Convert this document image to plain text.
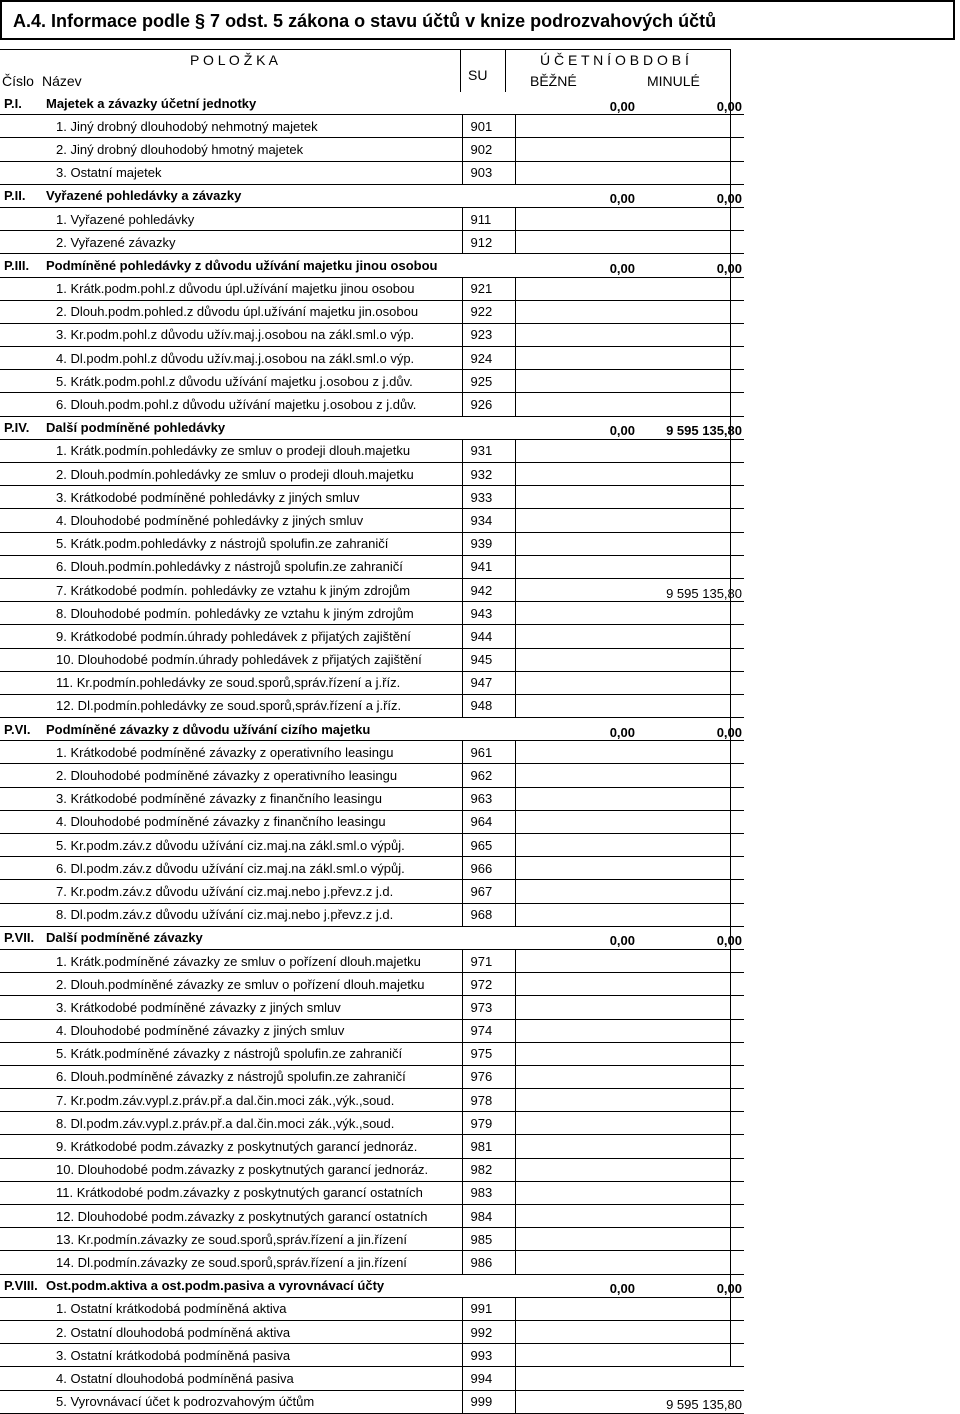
A.4. Informace podle § 7 odst. 5 zákona o stavu účtů v knize podrozvahových účtů
P O L O Ž K A
Číslo Název	SU
Ú Č E T N Í O B D O B Í
BĚŽNÉ	MINULÉ
P.I.	Majetek a závazky účetní jednotky		0,00	0,00
	1. Jiný drobný dlouhodobý nehmotný majetek	901		
	2. Jiný drobný dlouhodobý hmotný majetek	902		
	3. Ostatní majetek	903		
P.II.	Vyřazené pohledávky a závazky		0,00	0,00
	1. Vyřazené pohledávky	911		
	2. Vyřazené závazky	912		
P.III.	Podmíněné pohledávky z důvodu užívání majetku jinou osobou		0,00	0,00
	1. Krátk.podm.pohl.z důvodu úpl.užívání majetku jinou osobou	921		
	2. Dlouh.podm.pohled.z důvodu úpl.užívání majetku jin.osobou	922		
	3. Kr.podm.pohl.z důvodu užív.maj.j.osobou na zákl.sml.o výp.	923		
	4. Dl.podm.pohl.z důvodu užív.maj.j.osobou na zákl.sml.o výp.	924		
	5. Krátk.podm.pohl.z důvodu užívání majetku j.osobou z j.dův.	925		
	6. Dlouh.podm.pohl.z důvodu užívání majetku j.osobou z j.dův.	926		
P.IV.	Další podmíněné pohledávky		0,00	9 595 135,80
	1. Krátk.podmín.pohledávky ze smluv o prodeji dlouh.majetku	931		
	2. Dlouh.podmín.pohledávky ze smluv o prodeji dlouh.majetku	932		
	3. Krátkodobé podmíněné pohledávky z jiných smluv	933		
	4. Dlouhodobé podmíněné pohledávky z jiných smluv	934		
	5. Krátk.podm.pohledávky z nástrojů spolufin.ze zahraničí	939		
	6. Dlouh.podmín.pohledávky z nástrojů spolufin.ze zahraničí	941		
	7. Krátkodobé podmín. pohledávky ze vztahu k jiným zdrojům	942		9 595 135,80
	8. Dlouhodobé podmín. pohledávky ze vztahu k jiným zdrojům	943		
	9. Krátkodobé podmín.úhrady pohledávek z přijatých zajištění	944		
	10. Dlouhodobé podmín.úhrady pohledávek z přijatých zajištění	945		
	11. Kr.podmín.pohledávky ze soud.sporů,správ.řízení a j.říz.	947		
	12. Dl.podmín.pohledávky ze soud.sporů,správ.řízení a j.říz.	948		
P.VI.	Podmíněné závazky z důvodu užívání cizího majetku		0,00	0,00
	1. Krátkodobé podmíněné závazky z operativního leasingu	961		
	2. Dlouhodobé podmíněné závazky z operativního leasingu	962		
	3. Krátkodobé podmíněné závazky z finančního leasingu	963		
	4. Dlouhodobé podmíněné závazky z finančního leasingu	964		
	5. Kr.podm.záv.z důvodu užívání ciz.maj.na zákl.sml.o výpůj.	965		
	6. Dl.podm.záv.z důvodu užívání ciz.maj.na zákl.sml.o výpůj.	966		
	7. Kr.podm.záv.z důvodu užívání ciz.maj.nebo j.převz.z j.d.	967		
	8. Dl.podm.záv.z důvodu užívání ciz.maj.nebo j.převz.z j.d.	968		
P.VII.	Další podmíněné závazky		0,00	0,00
	1. Krátk.podmíněné závazky ze smluv o pořízení dlouh.majetku	971		
	2. Dlouh.podmíněné závazky ze smluv o pořízení dlouh.majetku	972		
	3. Krátkodobé podmíněné závazky z jiných smluv	973		
	4. Dlouhodobé podmíněné závazky z jiných smluv	974		
	5. Krátk.podmíněné závazky z nástrojů spolufin.ze zahraničí	975		
	6. Dlouh.podmíněné závazky z nástrojů spolufin.ze zahraničí	976		
	7. Kr.podm.záv.vypl.z.práv.př.a dal.čin.moci zák.,výk.,soud.	978		
	8. Dl.podm.záv.vypl.z.práv.př.a dal.čin.moci zák.,výk.,soud.	979		
	9. Krátkodobé podm.závazky z poskytnutých garancí jednoráz.	981		
	10. Dlouhodobé podm.závazky z poskytnutých garancí jednoráz.	982		
	11. Krátkodobé podm.závazky z poskytnutých garancí ostatních	983		
	12. Dlouhodobé podm.závazky z poskytnutých garancí ostatních	984		
	13. Kr.podmín.závazky ze soud.sporů,správ.řízení a jin.řízení	985		
	14. Dl.podmín.závazky ze soud.sporů,správ.řízení a jin.řízení	986		
P.VIII.	Ost.podm.aktiva a ost.podm.pasiva a vyrovnávací účty		0,00	0,00
	1. Ostatní krátkodobá podmíněná aktiva	991		
	2. Ostatní dlouhodobá podmíněná aktiva	992		
	3. Ostatní krátkodobá podmíněná pasiva	993		
	4. Ostatní dlouhodobá podmíněná pasiva	994		
	5. Vyrovnávací účet k podrozvahovým účtům	999		9 595 135,80
